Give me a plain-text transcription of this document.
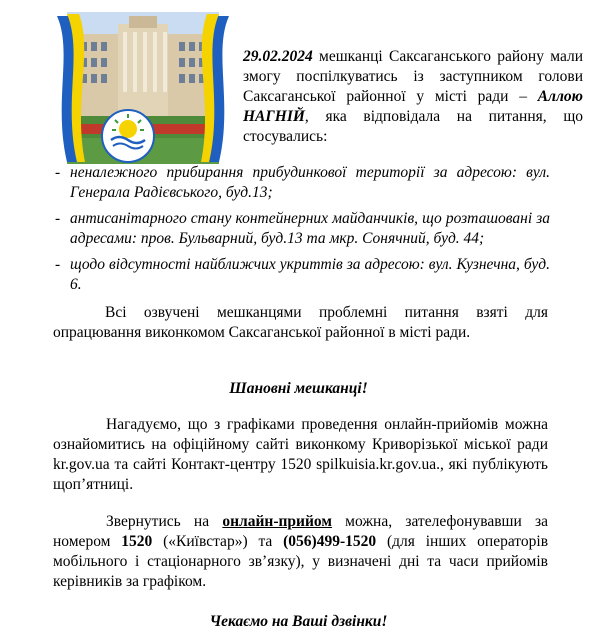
29.02.2024 мешканці Саксаганського району мали змогу поспілкуватись із заступником голови Саксаганської районної у місті ради – Аллою НАГНІЙ, яка відповідала на питання, що стосувались:
- неналежного прибирання прибудинкової території за адресою: вул. Генерала Радієвського, буд.13;
- антисанітарного стану контейнерних майданчиків, що розташовані за адресами: пров. Бульварний, буд.13 та мкр. Сонячний, буд. 44;
- щодо відсутності найближчих укриттів за адресою: вул. Кузнечна, буд. 6.
Всі озвучені мешканцями проблемні питання взяті для опрацювання виконкомом Саксаганської районної в місті ради.
Шановні мешканці!
Нагадуємо, що з графіками проведення онлайн-прийомів можна ознайомитись на офіційному сайті виконкому Криворізької міської ради kr.gov.ua та сайті Контакт-центру 1520 spilkuisia.kr.gov.ua., які публікують щоп’ятниці.
Звернутись на онлайн-прийом можна, зателефонувавши за номером 1520 («Київстар») та (056)499-1520 (для інших операторів мобільного і стаціонарного зв’язку), у визначені дні та часи прийомів керівників за графіком.
Чекаємо на Ваші дзвінки!
